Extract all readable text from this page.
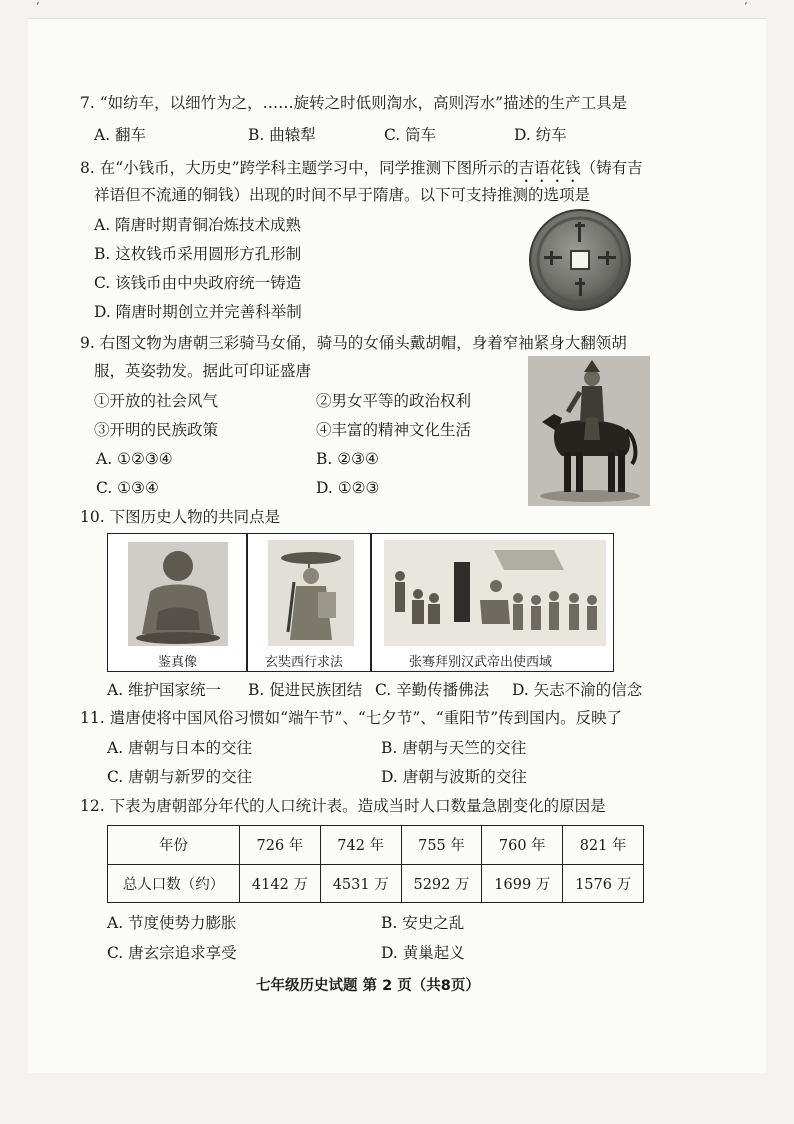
’	’
7. “如纺车，以细竹为之，……旋转之时低则渹水，高则泻水”描述的生产工具是
A. 翻车	B. 曲辕犁	C. 筒车	D. 纺车
8. 在“小钱币，大历史”跨学科主题学习中，同学推测下图所示的吉语花钱（铸有吉
祥语但不流通的铜钱）出现的时间不早于隋唐。以下可支持推测的选项是
A. 隋唐时期青铜冶炼技术成熟
B. 这枚钱币采用圆形方孔形制
C. 该钱币由中央政府统一铸造
D. 隋唐时期创立并完善科举制
9. 右图文物为唐朝三彩骑马女俑，骑马的女俑头戴胡帽，身着窄袖紧身大翻领胡
服，英姿勃发。据此可印证盛唐
①开放的社会风气	②男女平等的政治权利
③开明的民族政策	④丰富的精神文化生活
A. ①②③④	B. ②③④
C. ①③④	D. ①②③
10. 下图历史人物的共同点是
鉴真像	玄奘西行求法	张骞拜别汉武帝出使西域
A. 维护国家统一 B. 促进民族团结 C. 辛勤传播佛法 D. 矢志不渝的信念
11. 遣唐使将中国风俗习惯如“端午节”、“七夕节”、“重阳节”传到国内。反映了
A. 唐朝与日本的交往	B. 唐朝与天竺的交往
C. 唐朝与新罗的交往	D. 唐朝与波斯的交往
12. 下表为唐朝部分年代的人口统计表。造成当时人口数量急剧变化的原因是
年份	726 年	742 年	755 年	760 年	821 年
总人口数（约）	4142 万	4531 万	5292 万	1699 万	1576 万
A. 节度使势力膨胀	B. 安史之乱
C. 唐玄宗追求享受	D. 黄巢起义
七年级历史试题 第 2 页（共8页）
